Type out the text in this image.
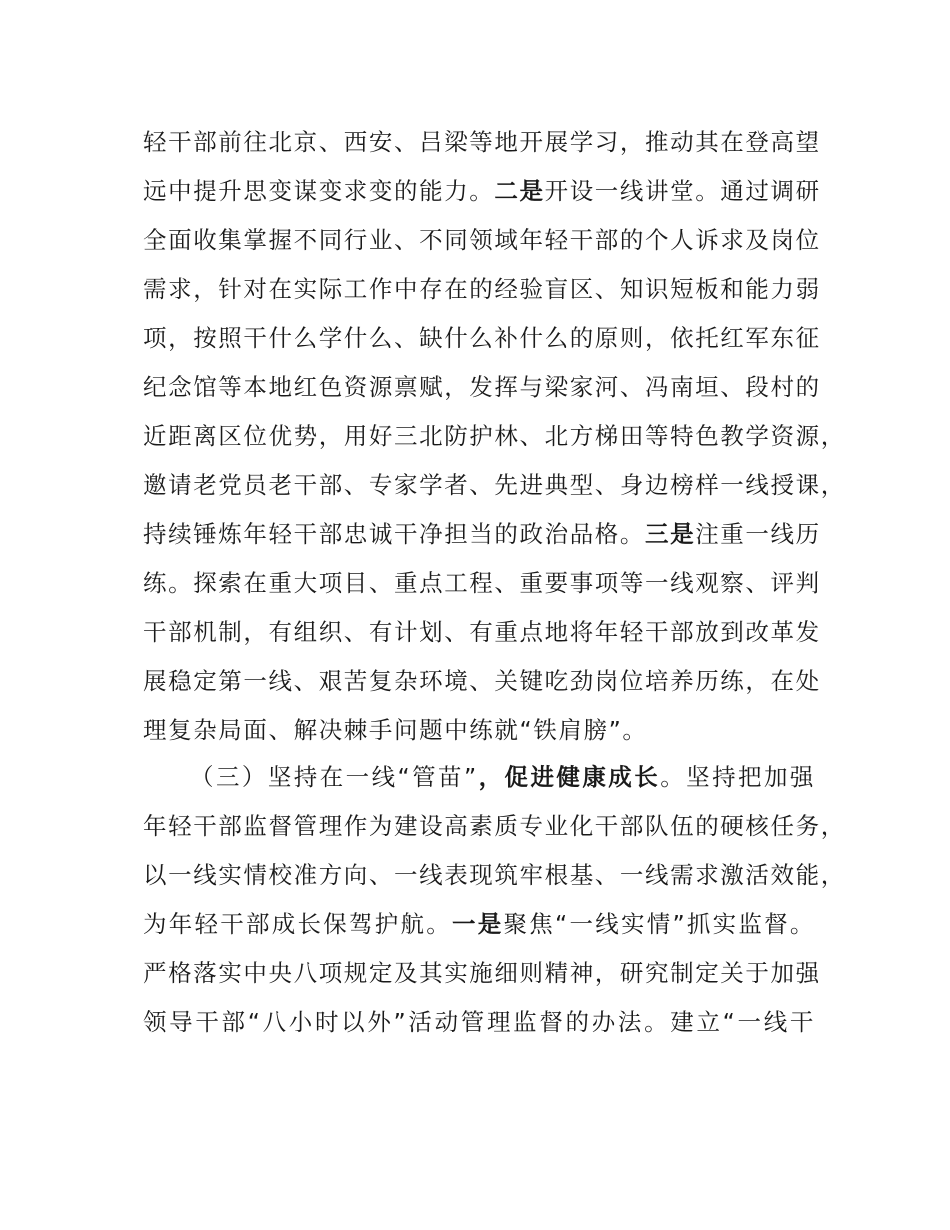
轻干部前往北京、西安、吕梁等地开展学习，推动其在登高望
远中提升思变谋变求变的能力。二是开设一线讲堂。通过调研
全面收集掌握不同行业、不同领域年轻干部的个人诉求及岗位
需求，针对在实际工作中存在的经验盲区、知识短板和能力弱
项，按照干什么学什么、缺什么补什么的原则，依托红军东征
纪念馆等本地红色资源禀赋，发挥与梁家河、冯南垣、段村的
近距离区位优势，用好三北防护林、北方梯田等特色教学资源，
邀请老党员老干部、专家学者、先进典型、身边榜样一线授课，
持续锤炼年轻干部忠诚干净担当的政治品格。三是注重一线历
练。探索在重大项目、重点工程、重要事项等一线观察、评判
干部机制，有组织、有计划、有重点地将年轻干部放到改革发
展稳定第一线、艰苦复杂环境、关键吃劲岗位培养历练，在处
理复杂局面、解决棘手问题中练就“铁肩膀”。
（三）坚持在一线“管苗”，促进健康成长。坚持把加强
年轻干部监督管理作为建设高素质专业化干部队伍的硬核任务，
以一线实情校准方向、一线表现筑牢根基、一线需求激活效能，
为年轻干部成长保驾护航。一是聚焦“一线实情”抓实监督。
严格落实中央八项规定及其实施细则精神，研究制定关于加强
领导干部“八小时以外”活动管理监督的办法。建立“一线干
